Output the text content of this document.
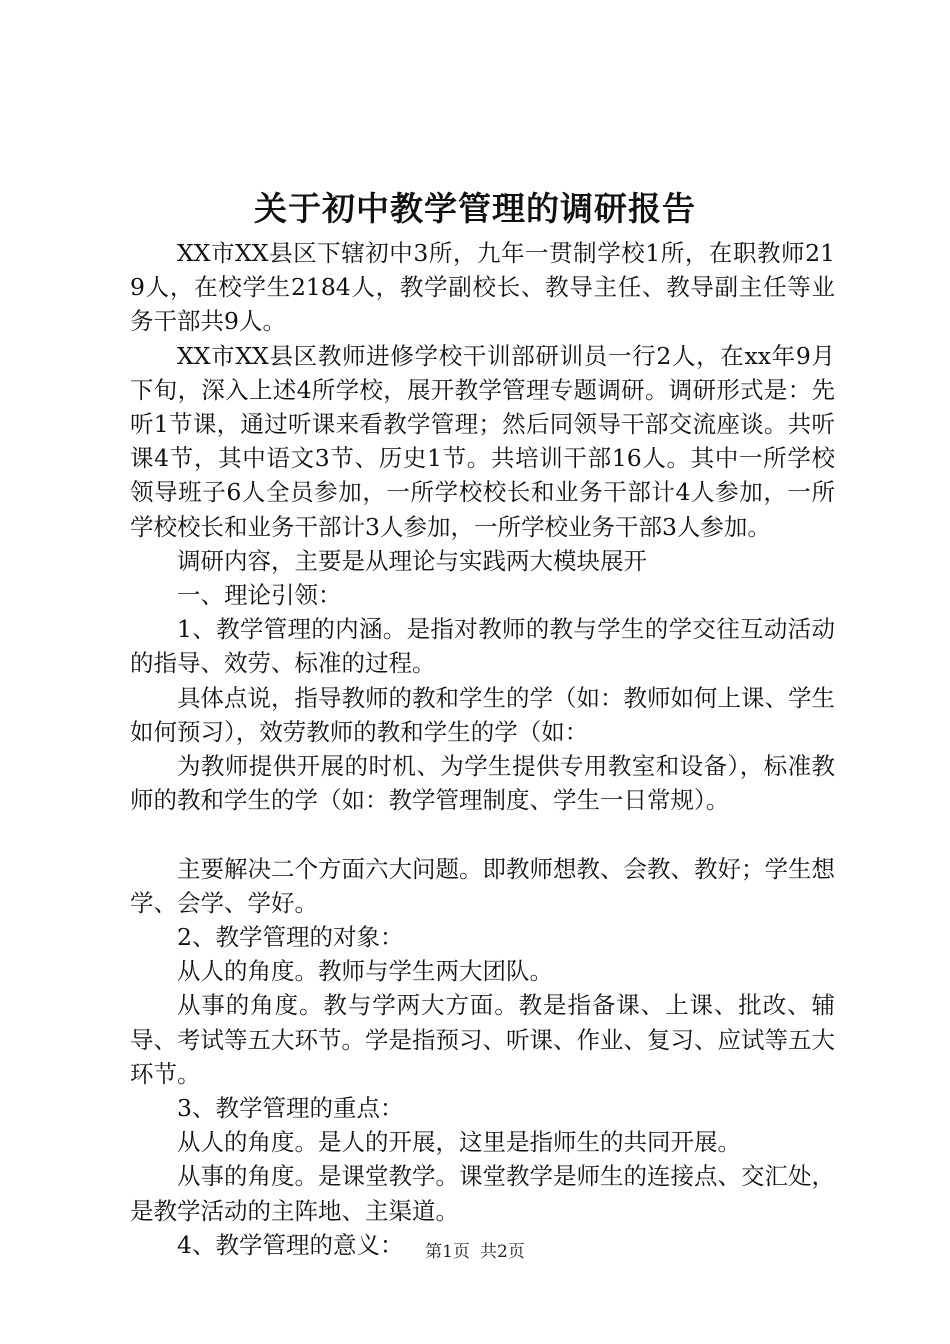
关于初中教学管理的调研报告

XX市XX县区下辖初中3所，九年一贯制学校1所，在职教师219人，在校学生2184人，教学副校长、教导主任、教导副主任等业务干部共9人。

XX市XX县区教师进修学校干训部研训员一行2人，在xx年9月下旬，深入上述4所学校，展开教学管理专题调研。调研形式是：先听1节课，通过听课来看教学管理；然后同领导干部交流座谈。共听课4节，其中语文3节、历史1节。共培训干部16人。其中一所学校领导班子6人全员参加，一所学校校长和业务干部计4人参加，一所学校校长和业务干部计3人参加，一所学校业务干部3人参加。

调研内容，主要是从理论与实践两大模块展开

一、理论引领：

1、教学管理的内涵。是指对教师的教与学生的学交往互动活动的指导、效劳、标准的过程。

具体点说，指导教师的教和学生的学（如：教师如何上课、学生如何预习），效劳教师的教和学生的学（如：

为教师提供开展的时机、为学生提供专用教室和设备），标准教师的教和学生的学（如：教学管理制度、学生一日常规）。

主要解决二个方面六大问题。即教师想教、会教、教好；学生想学、会学、学好。

2、教学管理的对象：

从人的角度。教师与学生两大团队。

从事的角度。教与学两大方面。教是指备课、上课、批改、辅导、考试等五大环节。学是指预习、听课、作业、复习、应试等五大环节。

3、教学管理的重点：

从人的角度。是人的开展，这里是指师生的共同开展。

从事的角度。是课堂教学。课堂教学是师生的连接点、交汇处，是教学活动的主阵地、主渠道。

4、教学管理的意义：	第1页 共2页
